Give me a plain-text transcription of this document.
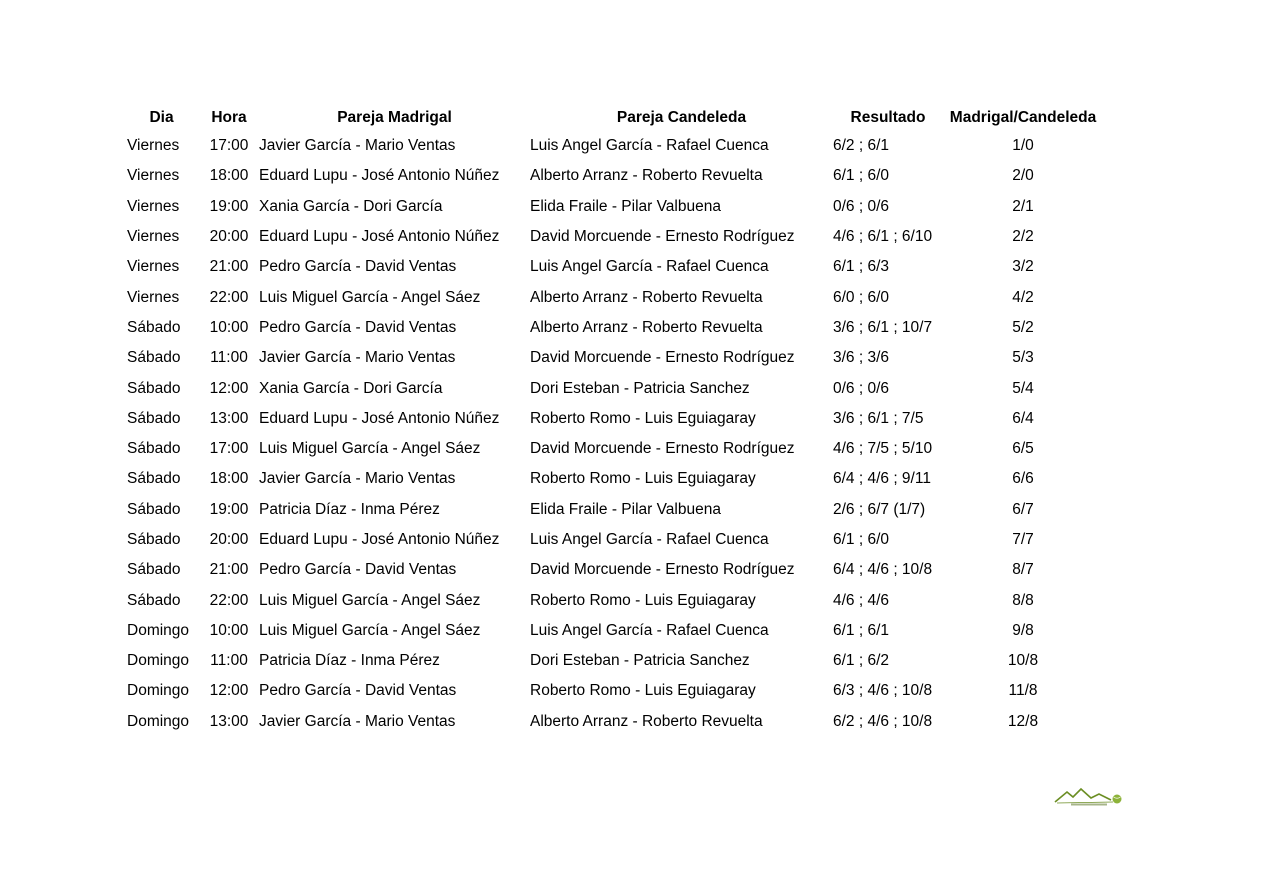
Dia	Hora	Pareja Madrigal	Pareja Candeleda	Resultado	Madrigal/Candeleda
Viernes	17:00	Javier García - Mario Ventas	Luis Angel García - Rafael Cuenca	6/2 ; 6/1	1/0
Viernes	18:00	Eduard Lupu - José Antonio Núñez	Alberto Arranz - Roberto Revuelta	6/1 ; 6/0	2/0
Viernes	19:00	Xania García - Dori García	Elida Fraile - Pilar Valbuena	0/6 ; 0/6	2/1
Viernes	20:00	Eduard Lupu - José Antonio Núñez	David Morcuende - Ernesto Rodríguez	4/6 ; 6/1 ; 6/10	2/2
Viernes	21:00	Pedro García - David Ventas	Luis Angel García - Rafael Cuenca	6/1 ; 6/3	3/2
Viernes	22:00	Luis Miguel García - Angel Sáez	Alberto Arranz - Roberto Revuelta	6/0 ; 6/0	4/2
Sábado	10:00	Pedro García - David Ventas	Alberto Arranz - Roberto Revuelta	3/6 ; 6/1 ; 10/7	5/2
Sábado	11:00	Javier García - Mario Ventas	David Morcuende - Ernesto Rodríguez	3/6 ; 3/6	5/3
Sábado	12:00	Xania García - Dori García	Dori Esteban - Patricia Sanchez	0/6 ; 0/6	5/4
Sábado	13:00	Eduard Lupu - José Antonio Núñez	Roberto Romo - Luis Eguiagaray	3/6 ; 6/1 ; 7/5	6/4
Sábado	17:00	Luis Miguel García - Angel Sáez	David Morcuende - Ernesto Rodríguez	4/6 ; 7/5 ; 5/10	6/5
Sábado	18:00	Javier García - Mario Ventas	Roberto Romo - Luis Eguiagaray	6/4 ; 4/6 ; 9/11	6/6
Sábado	19:00	Patricia Díaz - Inma Pérez	Elida Fraile - Pilar Valbuena	2/6 ; 6/7 (1/7)	6/7
Sábado	20:00	Eduard Lupu - José Antonio Núñez	Luis Angel García - Rafael Cuenca	6/1 ; 6/0	7/7
Sábado	21:00	Pedro García - David Ventas	David Morcuende - Ernesto Rodríguez	6/4 ; 4/6 ; 10/8	8/7
Sábado	22:00	Luis Miguel García - Angel Sáez	Roberto Romo - Luis Eguiagaray	4/6 ; 4/6	8/8
Domingo	10:00	Luis Miguel García - Angel Sáez	Luis Angel García - Rafael Cuenca	6/1 ; 6/1	9/8
Domingo	11:00	Patricia Díaz - Inma Pérez	Dori Esteban - Patricia Sanchez	6/1 ; 6/2	10/8
Domingo	12:00	Pedro García - David Ventas	Roberto Romo - Luis Eguiagaray	6/3 ; 4/6 ; 10/8	11/8
Domingo	13:00	Javier García - Mario Ventas	Alberto Arranz - Roberto Revuelta	6/2 ; 4/6 ; 10/8	12/8
